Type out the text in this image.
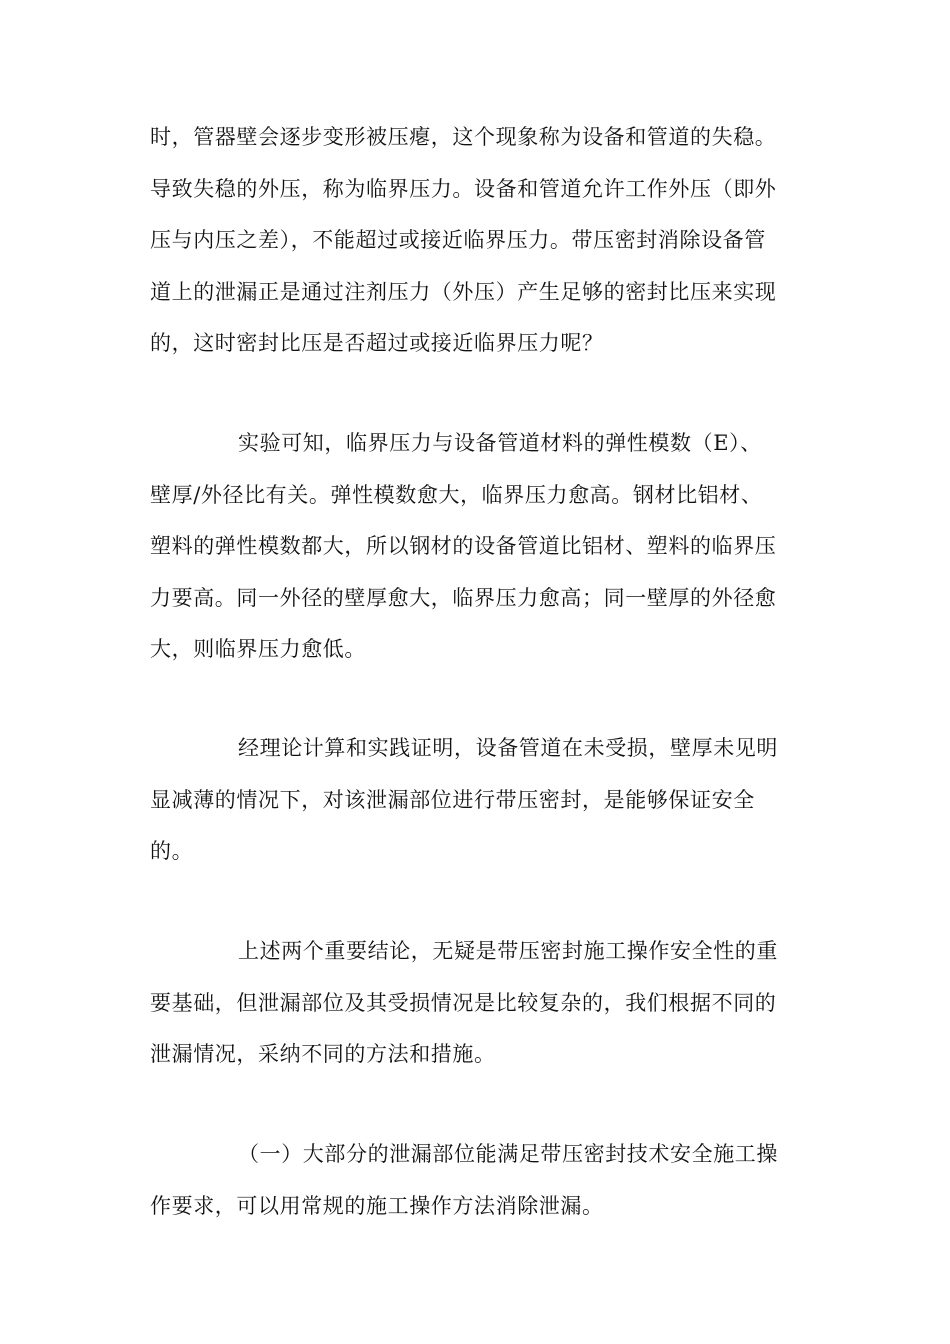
时，管器壁会逐步变形被压瘪，这个现象称为设备和管道的失稳。
导致失稳的外压，称为临界压力。设备和管道允许工作外压（即外
压与内压之差），不能超过或接近临界压力。带压密封消除设备管
道上的泄漏正是通过注剂压力（外压）产生足够的密封比压来实现
的，这时密封比压是否超过或接近临界压力呢？

实验可知，临界压力与设备管道材料的弹性模数（E）、
壁厚/外径比有关。弹性模数愈大，临界压力愈高。钢材比铝材、
塑料的弹性模数都大，所以钢材的设备管道比铝材、塑料的临界压
力要高。同一外径的壁厚愈大，临界压力愈高；同一壁厚的外径愈
大，则临界压力愈低。

经理论计算和实践证明，设备管道在未受损，壁厚未见明
显减薄的情况下，对该泄漏部位进行带压密封，是能够保证安全
的。

上述两个重要结论，无疑是带压密封施工操作安全性的重
要基础，但泄漏部位及其受损情况是比较复杂的，我们根据不同的
泄漏情况，采纳不同的方法和措施。

（一）大部分的泄漏部位能满足带压密封技术安全施工操
作要求，可以用常规的施工操作方法消除泄漏。
